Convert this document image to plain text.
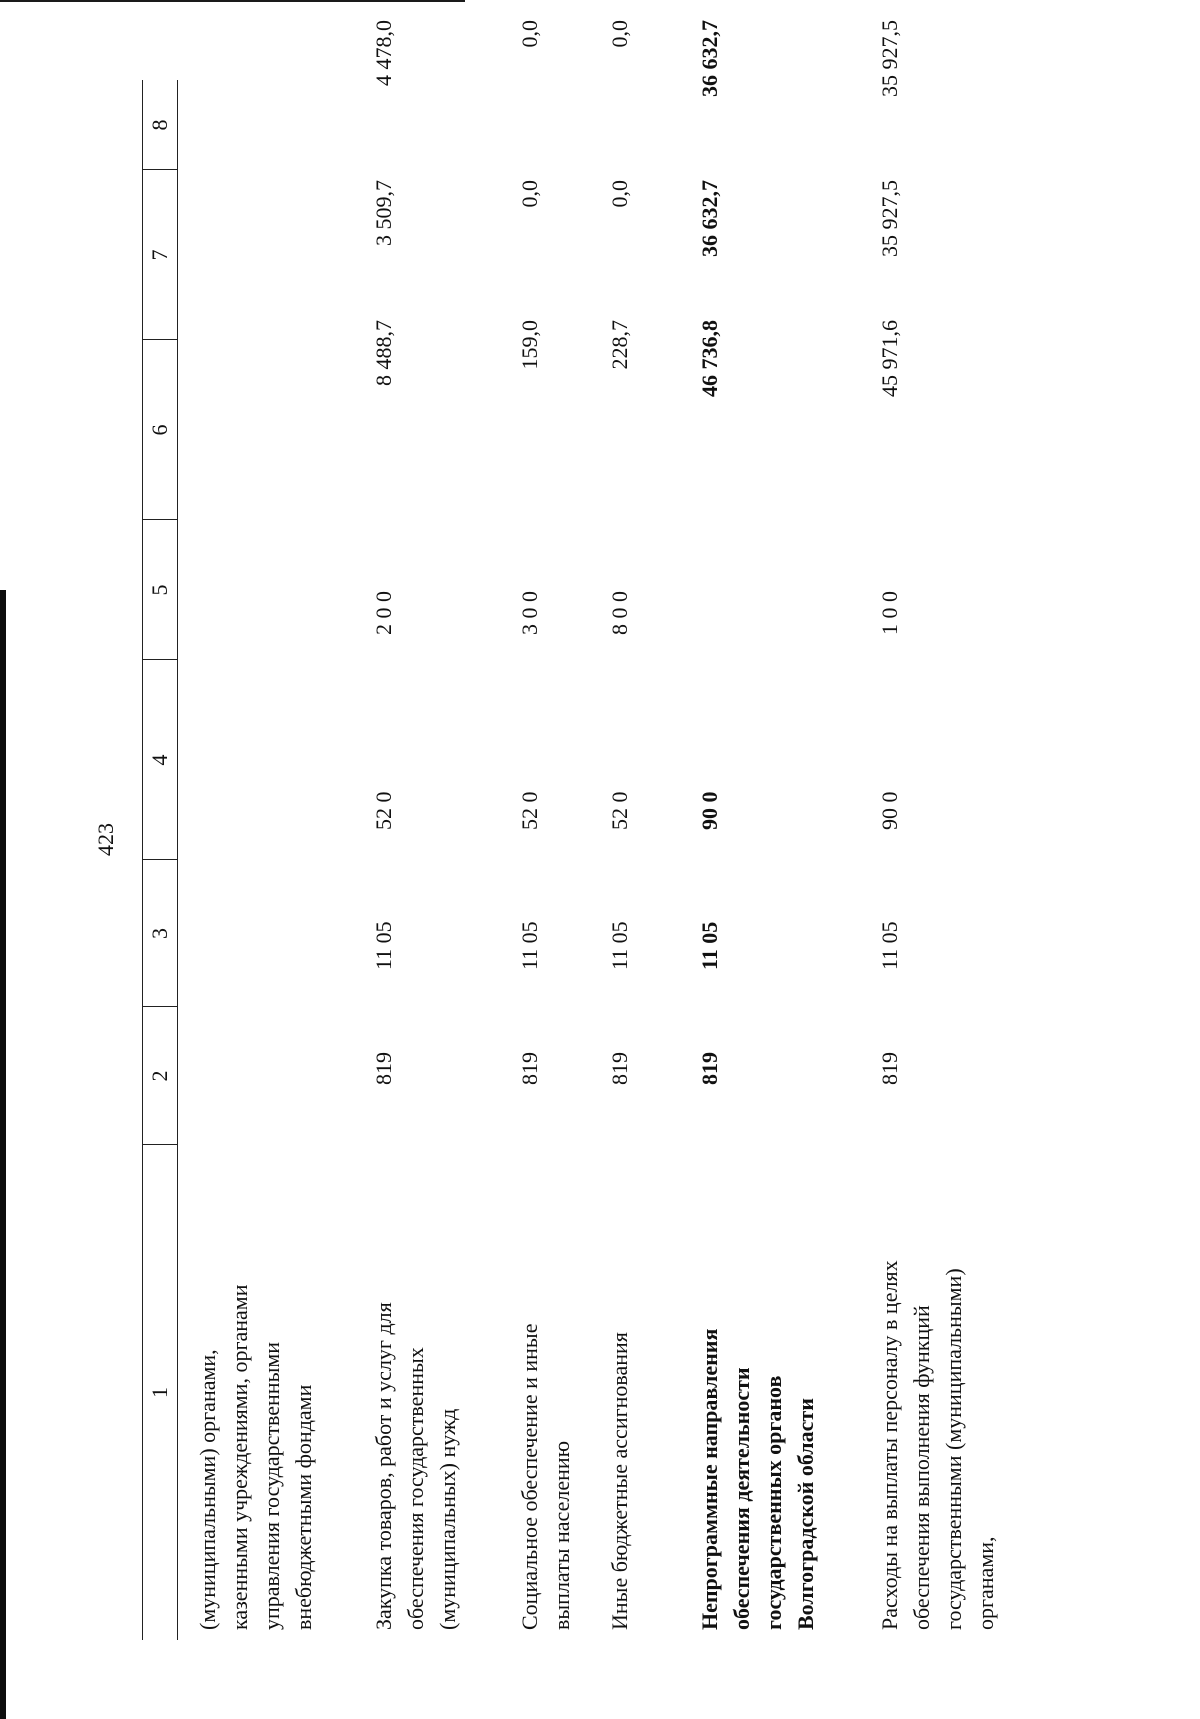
423
1
2
3
4
5
6
7
8
(муниципальными) органами, казенными учреждениями, органами управления государственными внебюджетными фондами	Закупка товаров, работ и услуг для обеспечения государственных (муниципальных) нужд
819
11 05
52 0
2 0 0
8 488,7
3 509,7
4 478,0
Социальное обеспечение и иные выплаты населению
819
11 05
52 0
3 0 0
159,0
0,0
0,0
Иные бюджетные ассигнования
819
11 05
52 0
8 0 0
228,7
0,0
0,0
Непрограммные направления обеспечения деятельности государственных органов Волгоградской области
819
11 05
90 0
46 736,8
36 632,7
36 632,7
Расходы на выплаты персоналу в целях обеспечения выполнения функций государственными (муниципальными) органами,
819
11 05
90 0
1 0 0
45 971,6
35 927,5
35 927,5
